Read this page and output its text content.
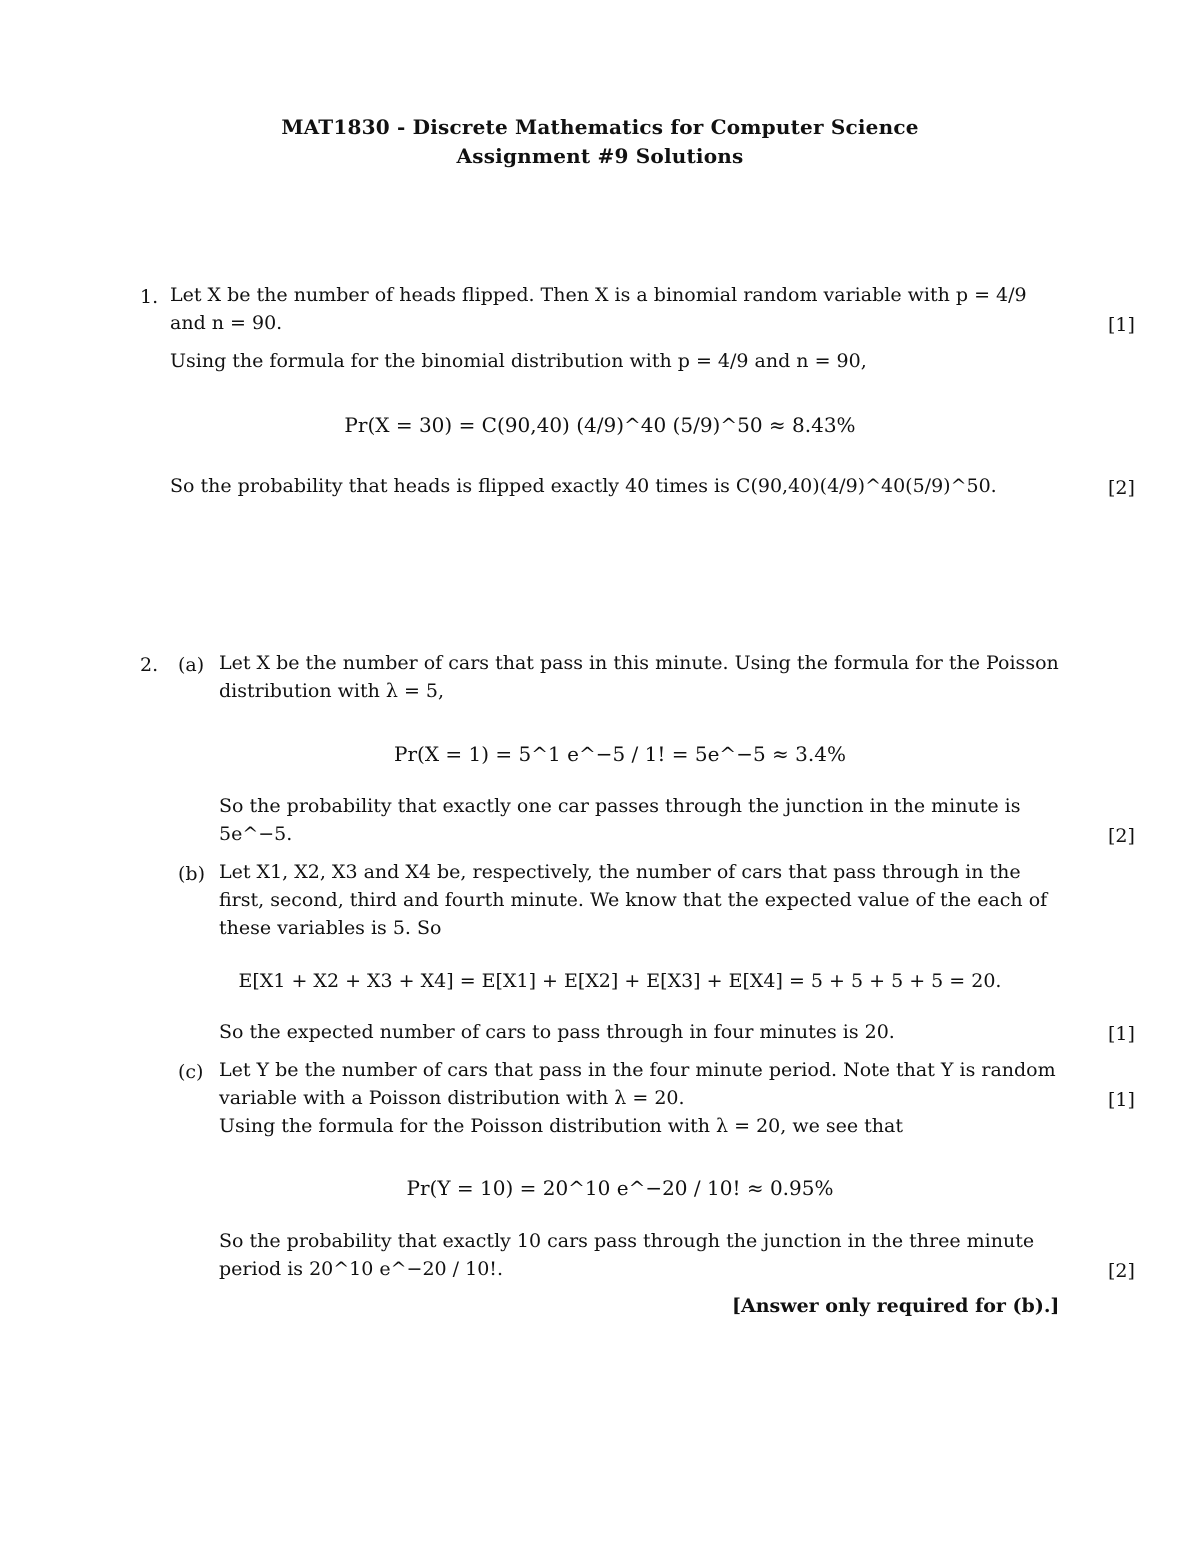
MAT1830 - Discrete Mathematics for Computer Science
Assignment #9 Solutions
1. Let X be the number of heads flipped. Then X is a binomial random variable with p = 4/9
and n = 90.	[1]
Using the formula for the binomial distribution with p = 4/9 and n = 90,
Pr(X = 30) = C(90,40) (4/9)^40 (5/9)^50 ≈ 8.43%
So the probability that heads is flipped exactly 40 times is C(90,40)(4/9)^40(5/9)^50.	[2]
2. (a) Let X be the number of cars that pass in this minute. Using the formula for the Poisson
distribution with λ = 5,
Pr(X = 1) = 5^1 e^−5 / 1! = 5e^−5 ≈ 3.4%
So the probability that exactly one car passes through the junction in the minute is
5e^−5.	[2]
(b) Let X1, X2, X3 and X4 be, respectively, the number of cars that pass through in the
first, second, third and fourth minute. We know that the expected value of the each of
these variables is 5. So
E[X1 + X2 + X3 + X4] = E[X1] + E[X2] + E[X3] + E[X4] = 5 + 5 + 5 + 5 = 20.
So the expected number of cars to pass through in four minutes is 20.	[1]
(c) Let Y be the number of cars that pass in the four minute period. Note that Y is random
variable with a Poisson distribution with λ = 20.	[1]
Using the formula for the Poisson distribution with λ = 20, we see that
Pr(Y = 10) = 20^10 e^−20 / 10! ≈ 0.95%
So the probability that exactly 10 cars pass through the junction in the three minute
period is 20^10 e^−20 / 10!.	[2]
[Answer only required for (b).]
